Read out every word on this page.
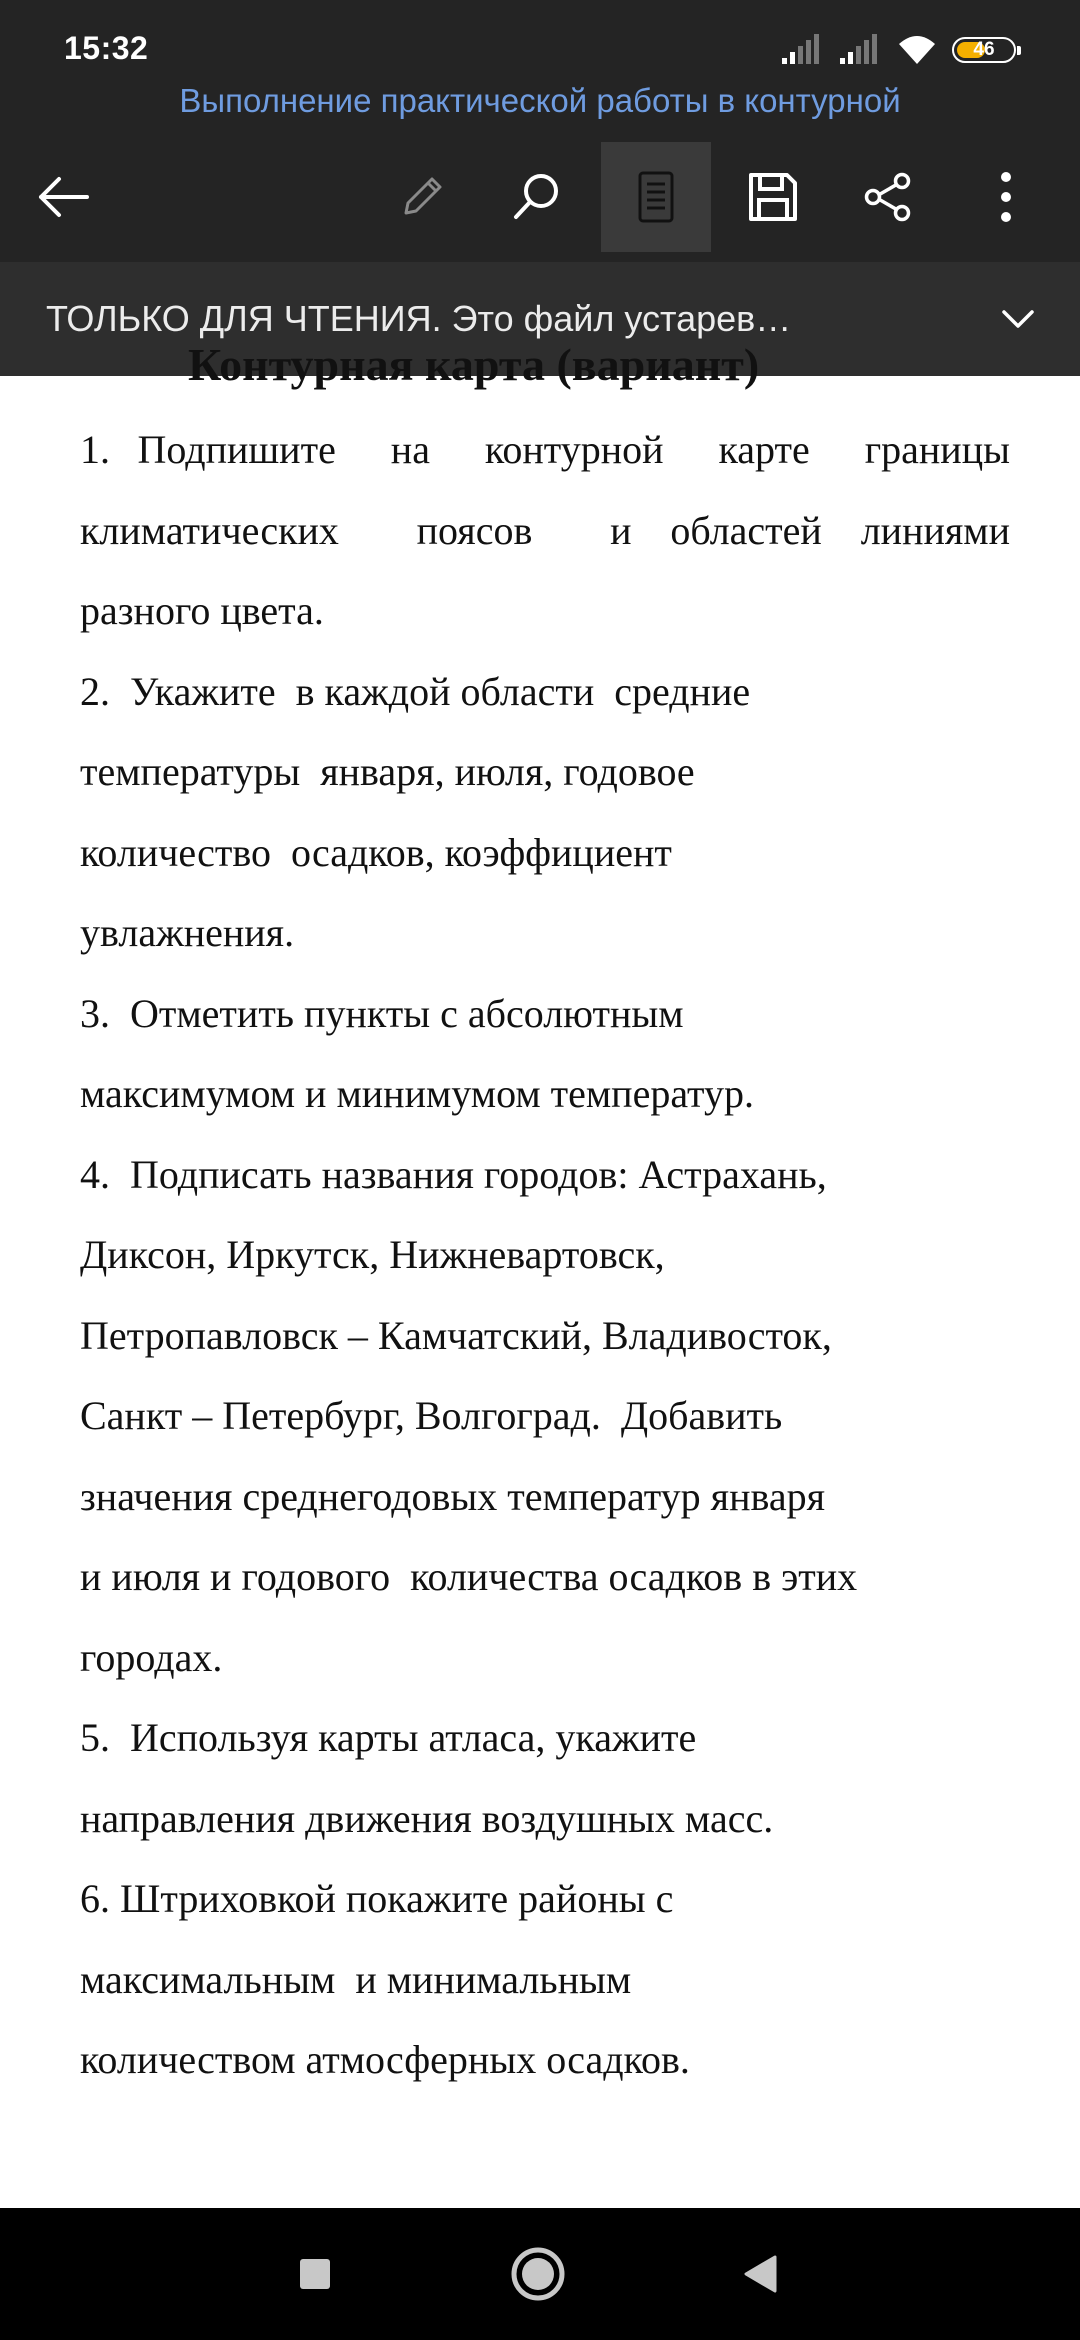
15:32	46
Выполнение практической работы в контурной
ТОЛЬКО ДЛЯ ЧТЕНИЯ. Это файл устарев…
Контурная карта (вариант)
1. Подпишите  на  контурной  карте  границы
климатических  поясов  и областей линиями
разного цвета.
2.  Укажите  в каждой области  средние
температуры  января, июля, годовое
количество  осадков, коэффициент
увлажнения.
3.  Отметить пункты с абсолютным
максимумом и минимумом температур.
4.  Подписать названия городов: Астрахань,
Диксон, Иркутск, Нижневартовск,
Петропавловск – Камчатский, Владивосток,
Санкт – Петербург, Волгоград.  Добавить
значения среднегодовых температур января
и июля и годового  количества осадков в этих
городах.
5.  Используя карты атласа, укажите
направления движения воздушных масс.
6. Штриховкой покажите районы с
максимальным  и минимальным
количеством атмосферных осадков.
